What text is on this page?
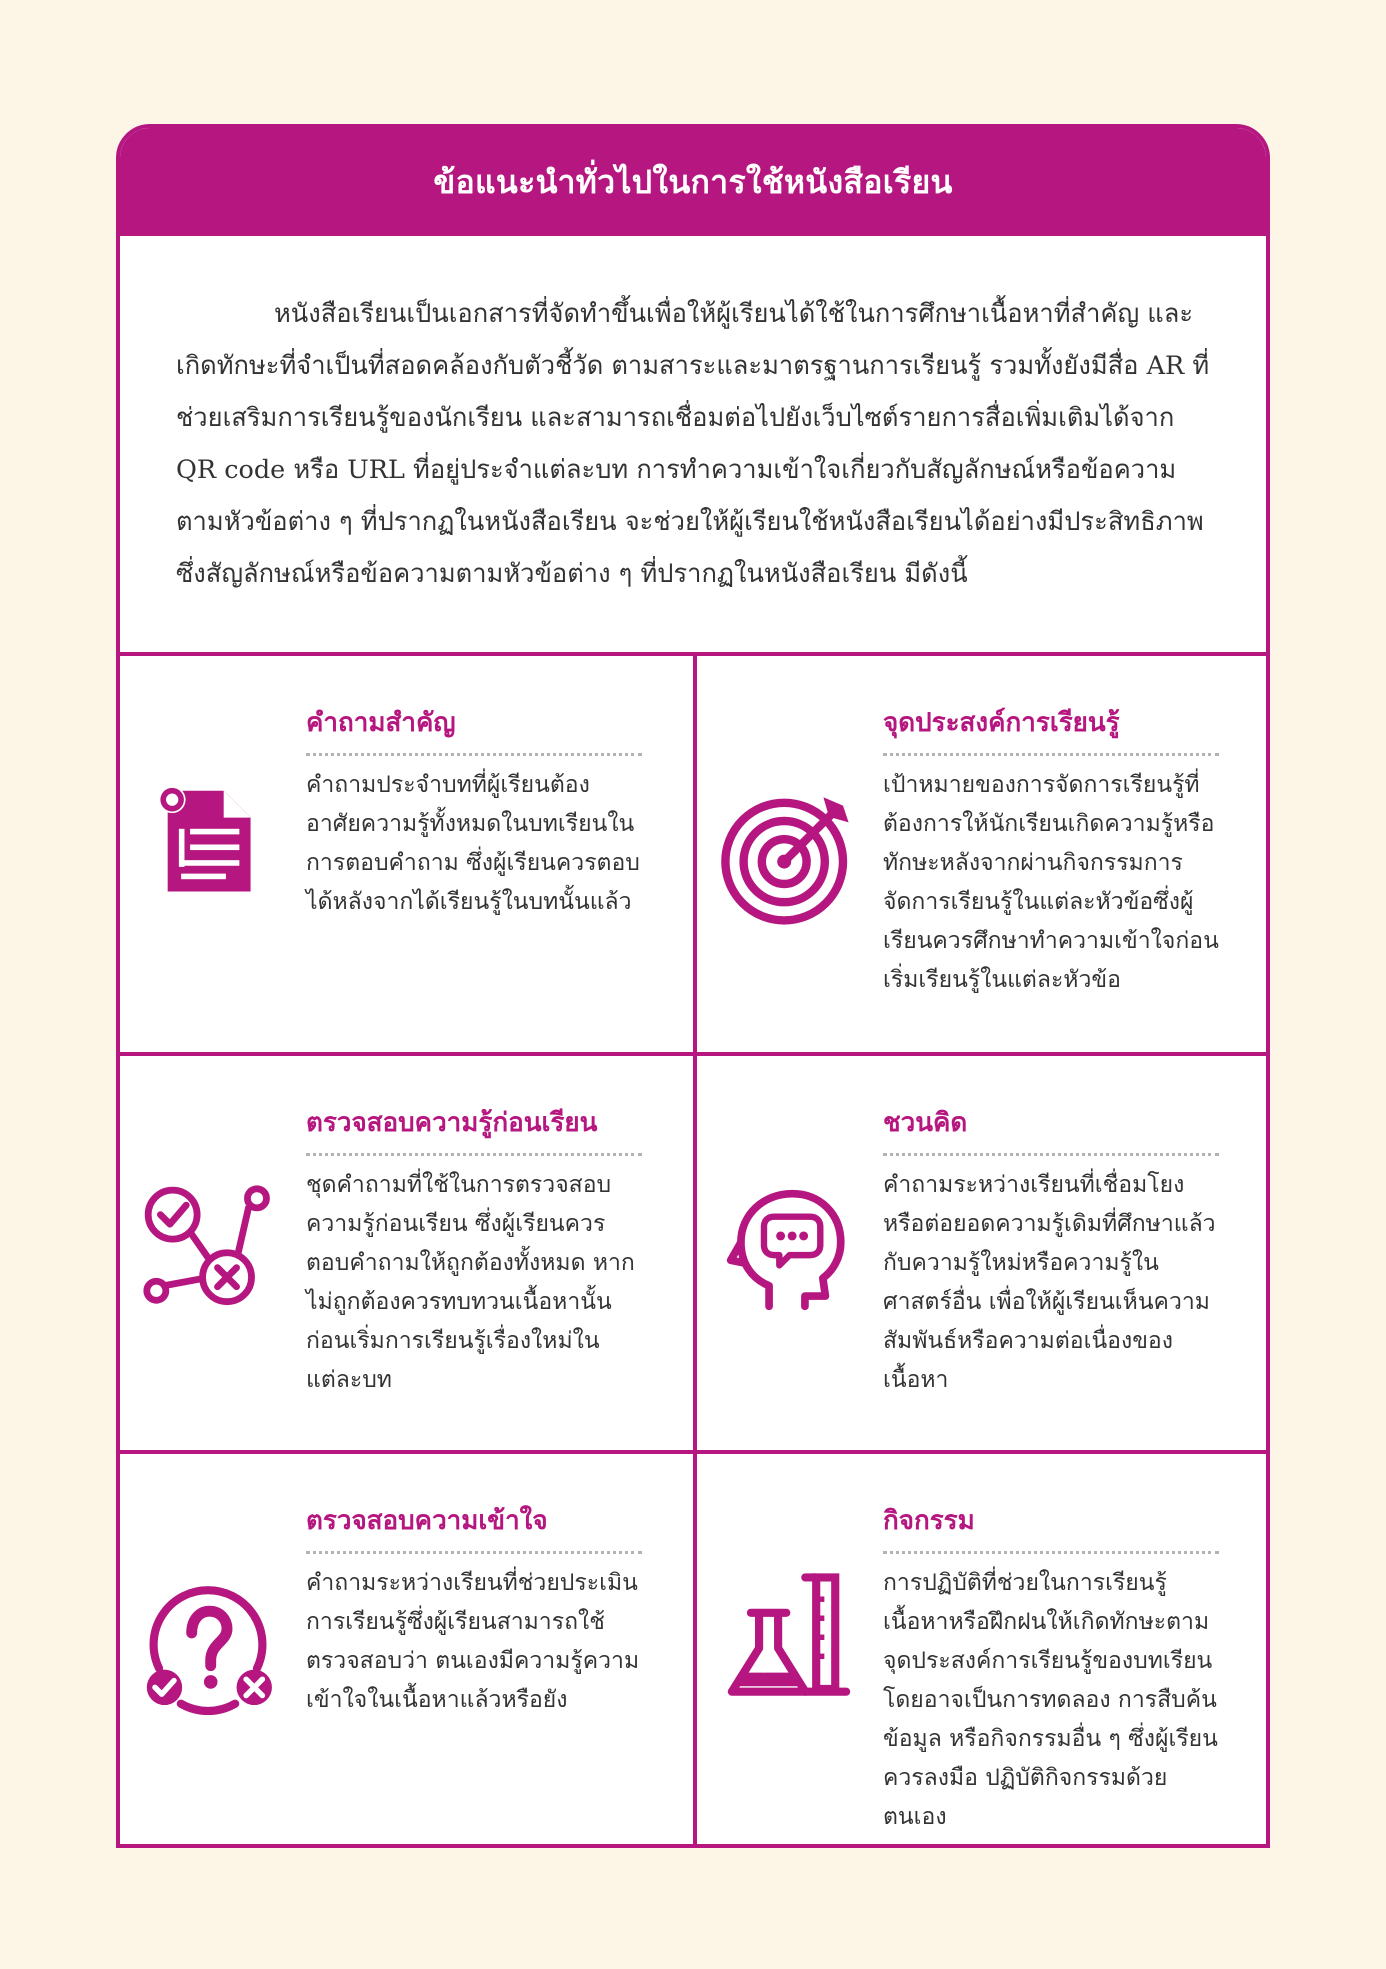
ข้อแนะนำทั่วไปในการใช้หนังสือเรียน

หนังสือเรียนเป็นเอกสารที่จัดทำขึ้นเพื่อให้ผู้เรียนได้ใช้ในการศึกษาเนื้อหาที่สำคัญ และเกิดทักษะที่จำเป็นที่สอดคล้องกับตัวชี้วัด ตามสาระและมาตรฐานการเรียนรู้ รวมทั้งยังมีสื่อ AR ที่ช่วยเสริมการเรียนรู้ของนักเรียน และสามารถเชื่อมต่อไปยังเว็บไซต์รายการสื่อเพิ่มเติมได้จาก QR code หรือ URL ที่อยู่ประจำแต่ละบท การทำความเข้าใจเกี่ยวกับสัญลักษณ์หรือข้อความตามหัวข้อต่าง ๆ ที่ปรากฏในหนังสือเรียน จะช่วยให้ผู้เรียนใช้หนังสือเรียนได้อย่างมีประสิทธิภาพ ซึ่งสัญลักษณ์หรือข้อความตามหัวข้อต่าง ๆ ที่ปรากฏในหนังสือเรียน มีดังนี้

คำถามสำคัญ

คำถามประจำบทที่ผู้เรียนต้องอาศัยความรู้ทั้งหมดในบทเรียนในการตอบคำถาม ซึ่งผู้เรียนควรตอบได้หลังจากได้เรียนรู้ในบทนั้นแล้ว

จุดประสงค์การเรียนรู้

เป้าหมายของการจัดการเรียนรู้ที่ต้องการให้นักเรียนเกิดความรู้หรือทักษะหลังจากผ่านกิจกรรมการจัดการเรียนรู้ในแต่ละหัวข้อซึ่งผู้เรียนควรศึกษาทำความเข้าใจก่อนเริ่มเรียนรู้ในแต่ละหัวข้อ

ตรวจสอบความรู้ก่อนเรียน

ชุดคำถามที่ใช้ในการตรวจสอบความรู้ก่อนเรียน ซึ่งผู้เรียนควรตอบคำถามให้ถูกต้องทั้งหมด หากไม่ถูกต้องควรทบทวนเนื้อหานั้นก่อนเริ่มการเรียนรู้เรื่องใหม่ในแต่ละบท

ชวนคิด

คำถามระหว่างเรียนที่เชื่อมโยงหรือต่อยอดความรู้เดิมที่ศึกษาแล้วกับความรู้ใหม่หรือความรู้ในศาสตร์อื่น เพื่อให้ผู้เรียนเห็นความสัมพันธ์หรือความต่อเนื่องของเนื้อหา

ตรวจสอบความเข้าใจ

คำถามระหว่างเรียนที่ช่วยประเมินการเรียนรู้ซึ่งผู้เรียนสามารถใช้ตรวจสอบว่า ตนเองมีความรู้ความเข้าใจในเนื้อหาแล้วหรือยัง

กิจกรรม

การปฏิบัติที่ช่วยในการเรียนรู้เนื้อหาหรือฝึกฝนให้เกิดทักษะตามจุดประสงค์การเรียนรู้ของบทเรียน โดยอาจเป็นการทดลอง การสืบค้นข้อมูล หรือกิจกรรมอื่น ๆ ซึ่งผู้เรียนควรลงมือ ปฏิบัติกิจกรรมด้วยตนเอง
